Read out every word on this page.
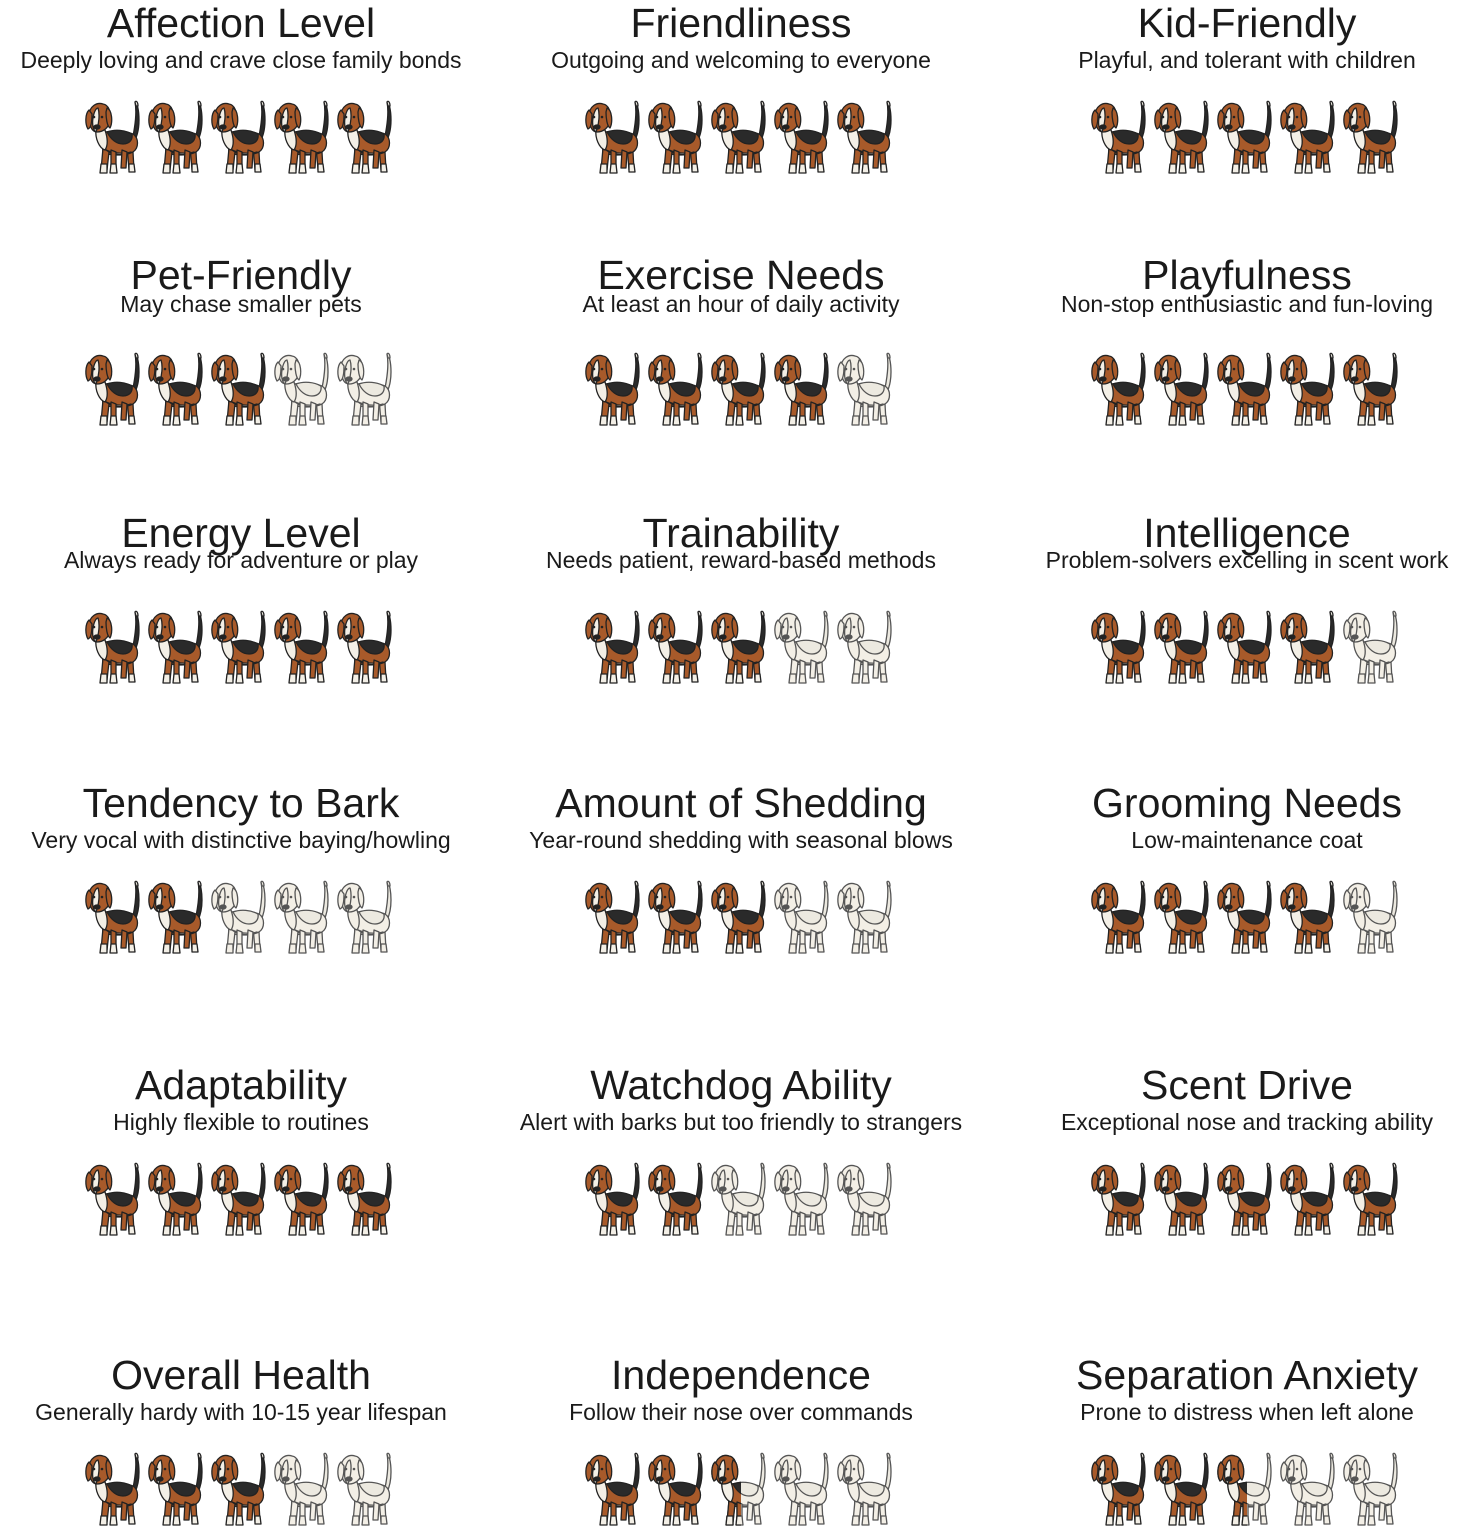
Affection Level
Deeply loving and crave close family bonds
Friendliness
Outgoing and welcoming to everyone
Kid-Friendly
Playful, and tolerant with children
Pet-Friendly
May chase smaller pets
Exercise Needs
At least an hour of daily activity
Playfulness
Non-stop enthusiastic and fun-loving
Energy Level
Always ready for adventure or play
Trainability
Needs patient, reward-based methods
Intelligence
Problem-solvers excelling in scent work
Tendency to Bark
Very vocal with distinctive baying/howling
Amount of Shedding
Year-round shedding with seasonal blows
Grooming Needs
Low-maintenance coat
Adaptability
Highly flexible to routines
Watchdog Ability
Alert with barks but too friendly to strangers
Scent Drive
Exceptional nose and tracking ability
Overall Health
Generally hardy with 10-15 year lifespan
Independence
Follow their nose over commands
Separation Anxiety
Prone to distress when left alone
